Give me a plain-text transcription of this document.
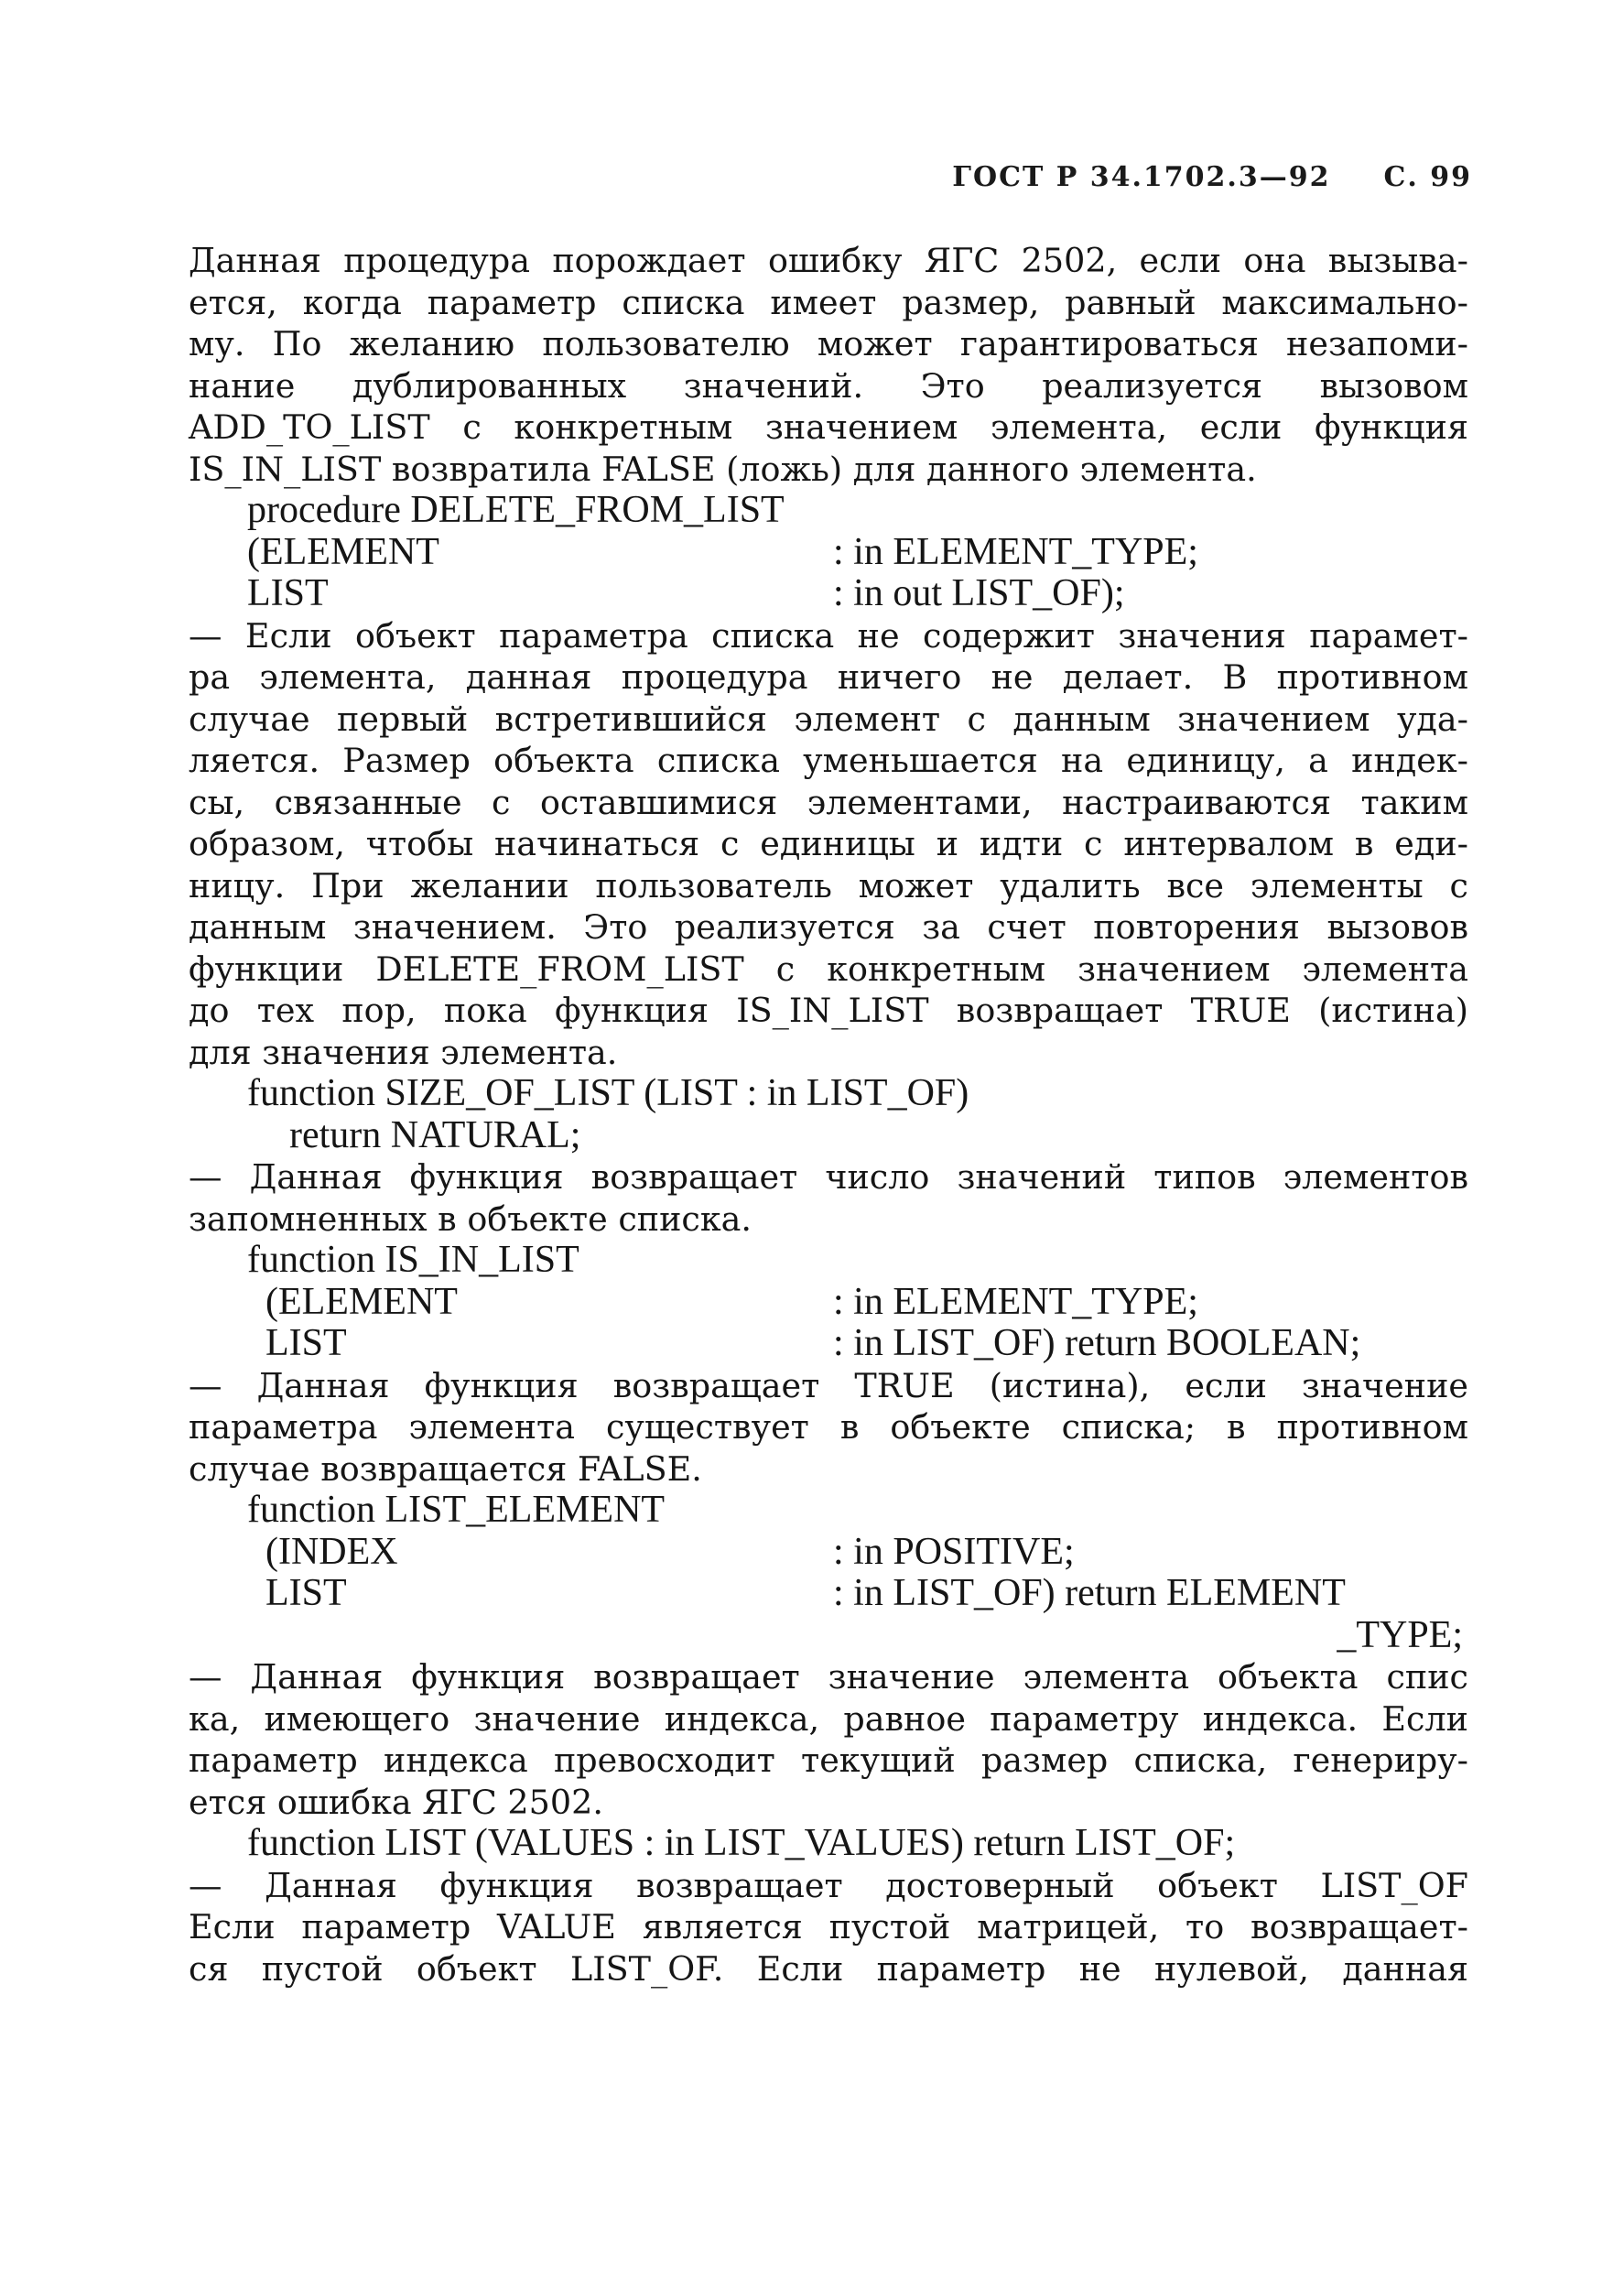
ГОСТ Р 34.1702.3—92 С. 99
Данная процедура порождает ошибку ЯГС 2502, если она вызыва-
ется, когда параметр списка имеет размер, равный максимально-
му. По желанию пользователю может гарантироваться незапоми-
нание дублированных значений. Это реализуется вызовом
ADD_TO_LIST с конкретным значением элемента, если функция
IS_IN_LIST возвратила FALSE (ложь) для данного элемента.
procedure DELETE_FROM_LIST
(ELEMENT	: in ELEMENT_TYPE;
LIST	: in out LIST_OF);
— Если объект параметра списка не содержит значения парамет-
ра элемента, данная процедура ничего не делает. В противном
случае первый встретившийся элемент с данным значением уда-
ляется. Размер объекта списка уменьшается на единицу, а индек-
сы, связанные с оставшимися элементами, настраиваются таким
образом, чтобы начинаться с единицы и идти с интервалом в еди-
ницу. При желании пользователь может удалить все элементы с
данным значением. Это реализуется за счет повторения вызовов
функции DELETE_FROM_LIST с конкретным значением элемента
до тех пор, пока функция IS_IN_LIST возвращает TRUE (истина)
для значения элемента.
function SIZE_OF_LIST (LIST : in LIST_OF)
return NATURAL;
— Данная функция возвращает число значений типов элементов
запомненных в объекте списка.
function IS_IN_LIST
(ELEMENT	: in ELEMENT_TYPE;
LIST	: in LIST_OF) return BOOLEAN;
— Данная функция возвращает TRUE (истина), если значение
параметра элемента существует в объекте списка; в противном
случае возвращается FALSE.
function LIST_ELEMENT
(INDEX	: in POSITIVE;
LIST	: in LIST_OF) return ELEMENT
_TYPE;
— Данная функция возвращает значение элемента объекта спис
ка, имеющего значение индекса, равное параметру индекса. Если
параметр индекса превосходит текущий размер списка, генериру-
ется ошибка ЯГС 2502.
function LIST (VALUES : in LIST_VALUES) return LIST_OF;
— Данная функция возвращает достоверный объект LIST_OF
Если параметр VALUE является пустой матрицей, то возвращает-
ся пустой объект LIST_OF. Если параметр не нулевой, данная
